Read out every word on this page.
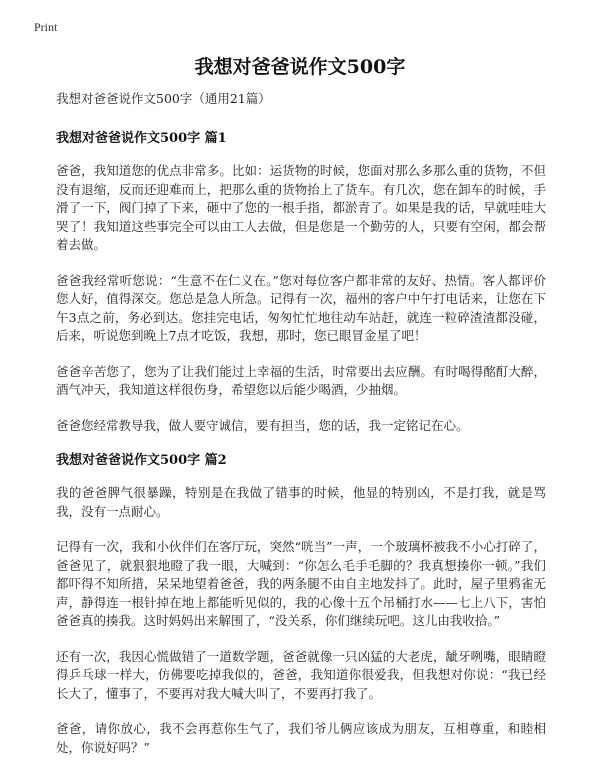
Print
我想对爸爸说作文500字

我想对爸爸说作文500字（通用21篇）

我想对爸爸说作文500字 篇1

爸爸，我知道您的优点非常多。比如：运货物的时候，您面对那么多那么重的货物，不但没有退缩，反而还迎难而上，把那么重的货物抬上了货车。有几次，您在卸车的时候，手滑了一下，阀门掉了下来，砸中了您的一根手指，都淤青了。如果是我的话，早就哇哇大哭了！我知道这些事完全可以由工人去做，但是您是一个勤劳的人，只要有空闲，都会帮着去做。

爸爸我经常听您说：“生意不在仁义在。”您对每位客户都非常的友好、热情。客人都评价您人好，值得深交。您总是急人所急。记得有一次，福州的客户中午打电话来，让您在下午3点之前，务必到达。您挂完电话，匆匆忙忙地往动车站赶，就连一粒碎渣渣都没碰，后来，听说您到晚上7点才吃饭，我想，那时，您已眼冒金星了吧！

爸爸辛苦您了，您为了让我们能过上幸福的生活，时常要出去应酬。有时喝得酩酊大醉，酒气冲天，我知道这样很伤身，希望您以后能少喝酒，少抽烟。

爸爸您经常教导我，做人要守诚信，要有担当，您的话，我一定铭记在心。

我想对爸爸说作文500字 篇2

我的爸爸脾气很暴躁，特别是在我做了错事的时候，他显的特别凶，不是打我，就是骂我，没有一点耐心。

记得有一次，我和小伙伴们在客厅玩，突然“咣当”一声，一个玻璃杯被我不小心打碎了，爸爸见了，就狠狠地瞪了我一眼，大喊到：“你怎么毛手毛脚的？我真想揍你一顿。”我们都吓得不知所措，呆呆地望着爸爸，我的两条腿不由自主地发抖了。此时，屋子里鸦雀无声，静得连一根针掉在地上都能听见似的，我的心像十五个吊桶打水——七上八下，害怕爸爸真的揍我。这时妈妈出来解围了，“没关系，你们继续玩吧。这儿由我收拾。”

还有一次，我因心慌做错了一道数学题，爸爸就像一只凶猛的大老虎，龇牙咧嘴，眼睛瞪得乒乓球一样大，仿佛要吃掉我似的，爸爸，我知道你很爱我，但我想对你说：“我已经长大了，懂事了，不要再对我大喊大叫了，不要再打我了。

爸爸，请你放心，我不会再惹你生气了，我们爷儿俩应该成为朋友，互相尊重，和睦相处，你说好吗？”
